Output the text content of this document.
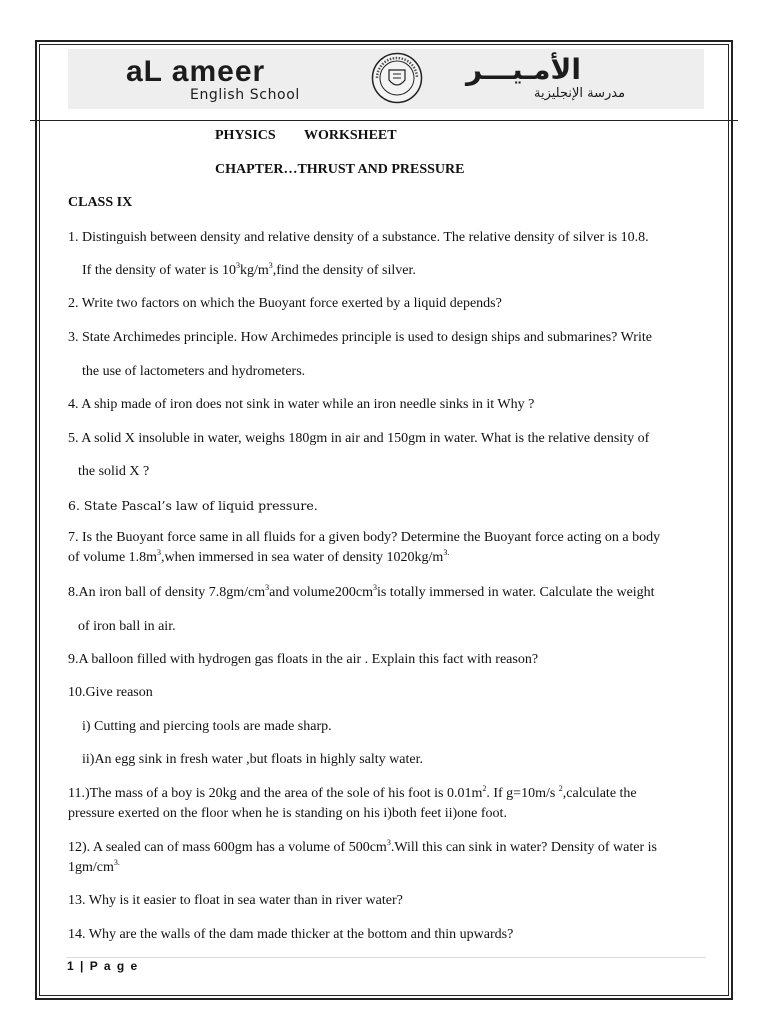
aL ameer
English School
الأمـيـــر
مدرسة الإنجليزية
PHYSICS WORKSHEET
CHAPTER…THRUST AND PRESSURE
CLASS IX
1. Distinguish between density and relative density of a substance. The relative density of silver is 10.8.
If the density of water is $10^3kg/m^3,find$ the density of silver.
2. Write two factors on which the Buoyant force exerted by a liquid depends?
3. State Archimedes principle. How Archimedes principle is used to design ships and submarines? Write
the use of lactometers and hydrometers.
4. A ship made of iron does not sink in water while an iron needle sinks in it Why ?
5. A solid X insoluble in water, weighs 180gm in air and 150gm in water. What is the relative density of
the solid X ?
6. State Pascal’s law of liquid pressure.
7. Is the Buoyant force same in all fluids for a given body? Determine the Buoyant force acting on a body
of volume $1.8m^3,when$ immersed in sea water of density $1020kg/m^{3.}$
8.An iron ball of density $7.8gm/cm^3and$ $volume200cm^3is$ totally immersed in water. Calculate the weight
of iron ball in air.
9.A balloon filled with hydrogen gas floats in the air . Explain this fact with reason?
10.Give reason
i) Cutting and piercing tools are made sharp.
ii)An egg sink in fresh water ,but floats in highly salty water.
11.)The mass of a boy is 20kg and the area of the sole of his foot is $0.01m^2$. If g=10m/s $^2$,calculate the
pressure exerted on the floor when he is standing on his i)both feet ii)one foot.
12). A sealed can of mass 600gm has a volume of $500cm^3.Will$ this can sink in water? Density of water is
$1gm/cm^{3.}$
13. Why is it easier to float in sea water than in river water?
14. Why are the walls of the dam made thicker at the bottom and thin upwards?
1 | P a g e
